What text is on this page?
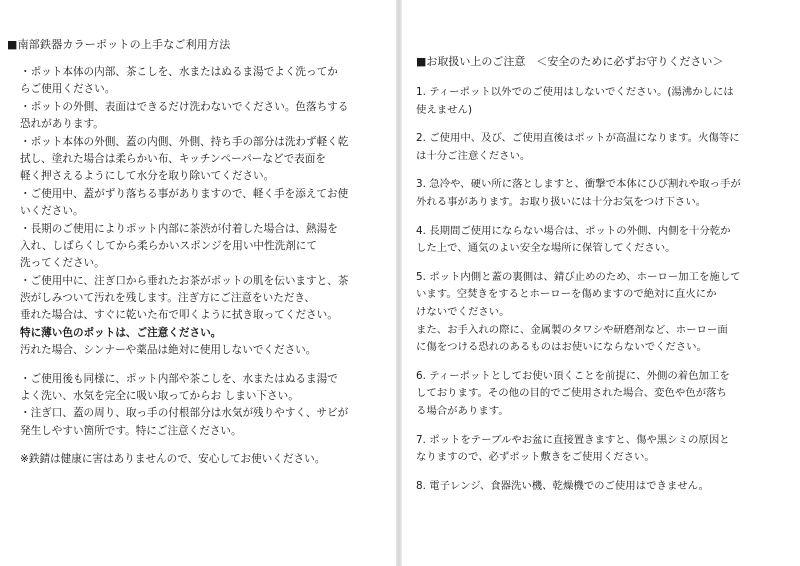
■南部鉄器カラーポットの上手なご利用方法
・ポット本体の内部、茶こしを、水またはぬるま湯でよく洗ってか
らご使用ください。
・ポットの外側、表面はできるだけ洗わないでください。色落ちする
恐れがあります。
・ポット本体の外側、蓋の内側、外側、持ち手の部分は洗わず軽く乾
拭し、塗れた場合は柔らかい布、キッチンペーパーなどで表面を
軽く押さえるようにして水分を取り除いてください。
・ご使用中、蓋がずり落ちる事がありますので、軽く手を添えてお使
いください。
・長期のご使用によりポット内部に茶渋が付着した場合は、熱湯を
入れ、しばらくしてから柔らかいスポンジを用い中性洗剤にて
洗ってください。
・ご使用中に、注ぎ口から垂れたお茶がポットの肌を伝いますと、茶
渋がしみついて汚れを残します。注ぎ方にご注意をいただき、
垂れた場合は、すぐに乾いた布で叩くように拭き取ってください。
特に薄い色のポットは、ご注意ください。
汚れた場合、シンナーや薬品は絶対に使用しないでください。
・ご使用後も同様に、ポット内部や茶こしを、水またはぬるま湯で
よく洗い、水気を完全に吸い取ってからお しまい下さい。
・注ぎ口、蓋の周り、取っ手の付根部分は水気が残りやすく、サビが
発生しやすい箇所です。特にご注意ください。
※鉄錆は健康に害はありませんので、安心してお使いください。
■お取扱い上のご注意　＜安全のために必ずお守りください＞
1. ティーポット以外でのご使用はしないでください。(湯沸かしには
使えません)
2. ご使用中、及び、ご使用直後はポットが高温になります。火傷等に
は十分ご注意ください。
3. 急冷や、硬い所に落としますと、衝撃で本体にひび割れや取っ手が
外れる事があります。お取り扱いには十分お気をつけ下さい。
4. 長期間ご使用にならない場合は、ポットの外側、内側を十分乾か
した上で、通気のよい安全な場所に保管してください。
5. ポット内側と蓋の裏側は、錆び止めのため、ホーロー加工を施して
います。空焚きをするとホーローを傷めますので絶対に直火にか
けないでください。
また、お手入れの際に、金属製のタワシや研磨剤など、ホーロー面
に傷をつける恐れのあるものはお使いにならないでください。
6. ティーポットとしてお使い頂くことを前提に、外側の着色加工を
しております。その他の目的でご使用された場合、変色や色が落ち
る場合があります。
7. ポットをテーブルやお盆に直接置きますと、傷や黒シミの原因と
なりますので、必ずポット敷きをご使用ください。
8. 電子レンジ、食器洗い機、乾燥機でのご使用はできません。
